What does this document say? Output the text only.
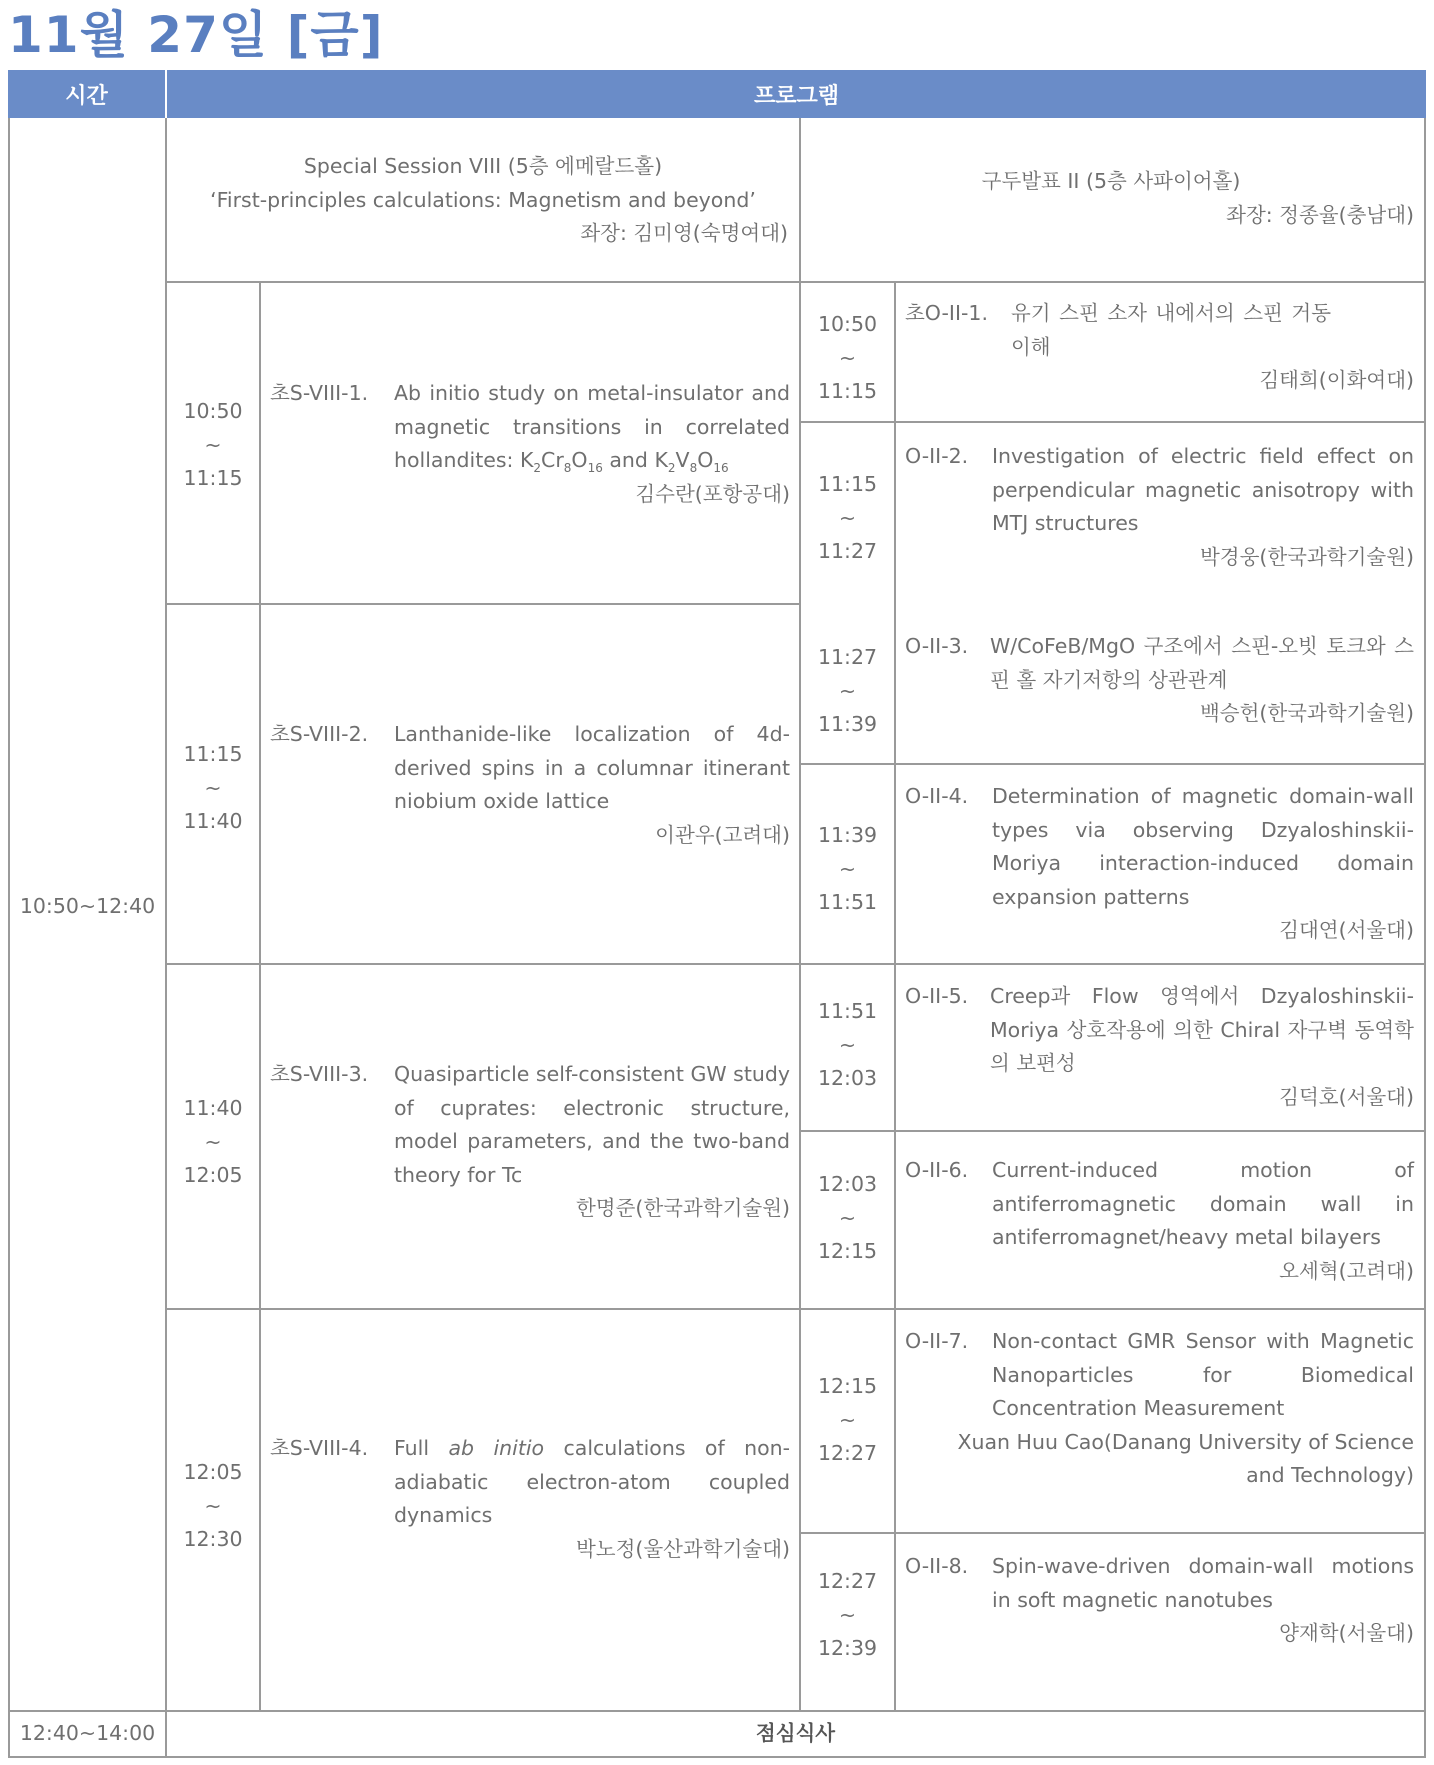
11월 27일 [금]
시간	프로그램
10:50~12:40
Special Session VIII (5층 에메랄드홀)
‘First-principles calculations: Magnetism and beyond’
좌장: 김미영(숙명여대)
구두발표 II (5층 사파이어홀)
좌장: 정종율(충남대)
10:50
~
11:15
초S-VIII-1. Ab initio study on metal-insulator and magnetic transitions in correlated hollandites: $K_2Cr_8O_{16}$ and $K_2V_8O_{16}$
김수란(포항공대)
11:15
~
11:40
초S-VIII-2. Lanthanide-like localization of 4d-derived spins in a columnar itinerant niobium oxide lattice
이관우(고려대)
11:40
~
12:05
초S-VIII-3. Quasiparticle self-consistent GW study of cuprates: electronic structure, model parameters, and the two-band theory for Tc
한명준(한국과학기술원)
12:05
~
12:30
초S-VIII-4. Full ab initio calculations of non-adiabatic electron-atom coupled dynamics
박노정(울산과학기술대)
10:50
~
11:15
초O-II-1. 유기 스핀 소자 내에서의 스핀 거동 이해
김태희(이화여대)
11:15
~
11:27
O-II-2. Investigation of electric field effect on perpendicular magnetic anisotropy with MTJ structures
박경웅(한국과학기술원)
11:27
~
11:39
O-II-3. W/CoFeB/MgO 구조에서 스핀-오빗 토크와 스핀 홀 자기저항의 상관관계
백승헌(한국과학기술원)
11:39
~
11:51
O-II-4. Determination of magnetic domain-wall types via observing Dzyaloshinskii-Moriya interaction-induced domain expansion patterns
김대연(서울대)
11:51
~
12:03
O-II-5. Creep과 Flow 영역에서 Dzyaloshinskii-Moriya 상호작용에 의한 Chiral 자구벽 동역학의 보편성
김덕호(서울대)
12:03
~
12:15
O-II-6. Current-induced motion of antiferromagnetic domain wall in antiferromagnet/heavy metal bilayers
오세혁(고려대)
12:15
~
12:27
O-II-7. Non-contact GMR Sensor with Magnetic Nanoparticles for Biomedical Concentration Measurement
Xuan Huu Cao(Danang University of Science and Technology)
12:27
~
12:39
O-II-8. Spin-wave-driven domain-wall motions in soft magnetic nanotubes
양재학(서울대)
12:40~14:00	점심식사
